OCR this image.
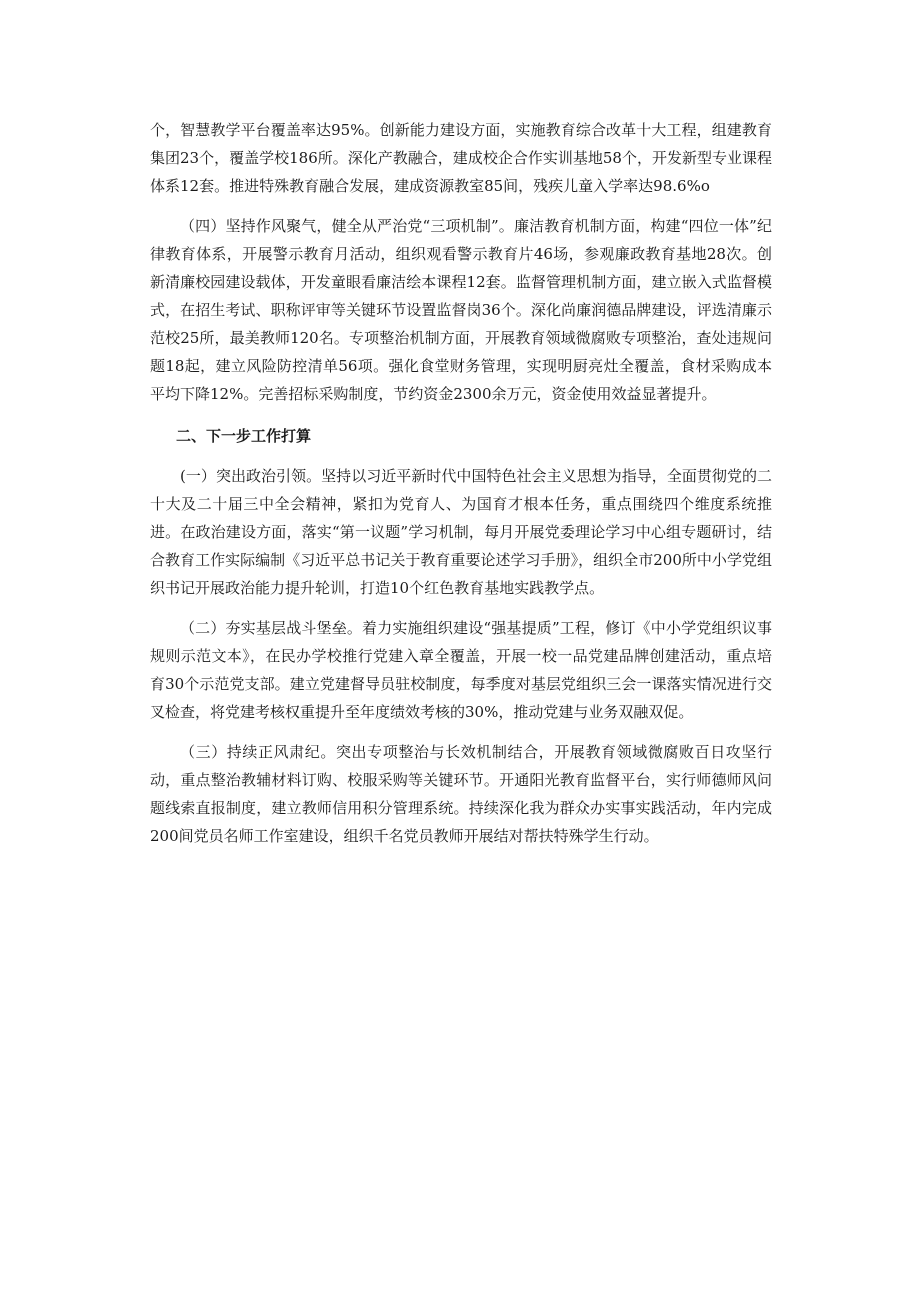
个，智慧教学平台覆盖率达95%。创新能力建设方面，实施教育综合改革十大工程，组建教育集团23个，覆盖学校186所。深化产教融合，建成校企合作实训基地58个，开发新型专业课程体系12套。推进特殊教育融合发展，建成资源教室85间，残疾儿童入学率达98.6%o

（四）坚持作风聚气，健全从严治党“三项机制”。廉洁教育机制方面，构建“四位一体”纪律教育体系，开展警示教育月活动，组织观看警示教育片46场，参观廉政教育基地28次。创新清廉校园建设载体，开发童眼看廉洁绘本课程12套。监督管理机制方面，建立嵌入式监督模式，在招生考试、职称评审等关键环节设置监督岗36个。深化尚廉润德品牌建设，评选清廉示范校25所，最美教师120名。专项整治机制方面，开展教育领域微腐败专项整治，查处违规问题18起，建立风险防控清单56项。强化食堂财务管理，实现明厨亮灶全覆盖，食材采购成本平均下降12%。完善招标采购制度，节约资金2300余万元，资金使用效益显著提升。

二、下一步工作打算

(一）突出政治引领。坚持以习近平新时代中国特色社会主义思想为指导，全面贯彻党的二十大及二十届三中全会精神，紧扣为党育人、为国育才根本任务，重点围绕四个维度系统推进。在政治建设方面，落实“第一议题”学习机制，每月开展党委理论学习中心组专题研讨，结合教育工作实际编制《习近平总书记关于教育重要论述学习手册》，组织全市200所中小学党组织书记开展政治能力提升轮训，打造10个红色教育基地实践教学点。

（二）夯实基层战斗堡垒。着力实施组织建设“强基提质”工程，修订《中小学党组织议事规则示范文本》，在民办学校推行党建入章全覆盖，开展一校一品党建品牌创建活动，重点培育30个示范党支部。建立党建督导员驻校制度，每季度对基层党组织三会一课落实情况进行交叉检查，将党建考核权重提升至年度绩效考核的30%，推动党建与业务双融双促。

（三）持续正风肃纪。突出专项整治与长效机制结合，开展教育领域微腐败百日攻坚行动，重点整治教辅材料订购、校服采购等关键环节。开通阳光教育监督平台，实行师德师风问题线索直报制度，建立教师信用积分管理系统。持续深化我为群众办实事实践活动，年内完成200间党员名师工作室建设，组织千名党员教师开展结对帮扶特殊学生行动。
